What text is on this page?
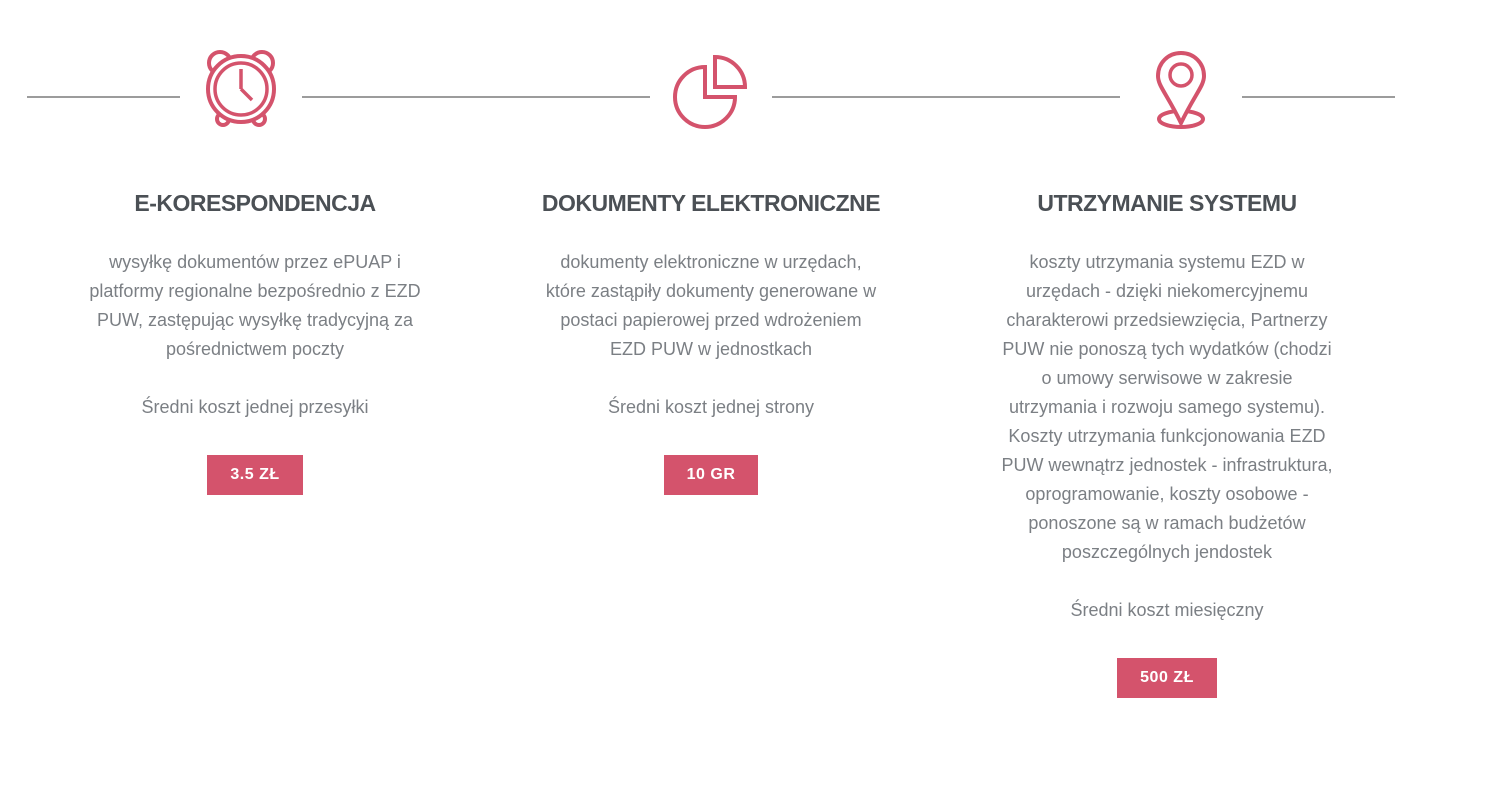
E-KORESPONDENCJA

wysyłkę dokumentów przez ePUAP i platformy regionalne bezpośrednio z EZD PUW, zastępując wysyłkę tradycyjną za pośrednictwem poczty

Średni koszt jednej przesyłki

3.5 ZŁ
DOKUMENTY ELEKTRONICZNE

dokumenty elektroniczne w urzędach, które zastąpiły dokumenty generowane w postaci papierowej przed wdrożeniem EZD PUW w jednostkach

Średni koszt jednej strony

10 GR
UTRZYMANIE SYSTEMU

koszty utrzymania systemu EZD w urzędach - dzięki niekomercyjnemu charakterowi przedsiewzięcia, Partnerzy PUW nie ponoszą tych wydatków (chodzi o umowy serwisowe w zakresie utrzymania i rozwoju samego systemu). Koszty utrzymania funkcjonowania EZD PUW wewnątrz jednostek - infrastruktura, oprogramowanie, koszty osobowe - ponoszone są w ramach budżetów poszczególnych jendostek

Średni koszt miesięczny

500 ZŁ
